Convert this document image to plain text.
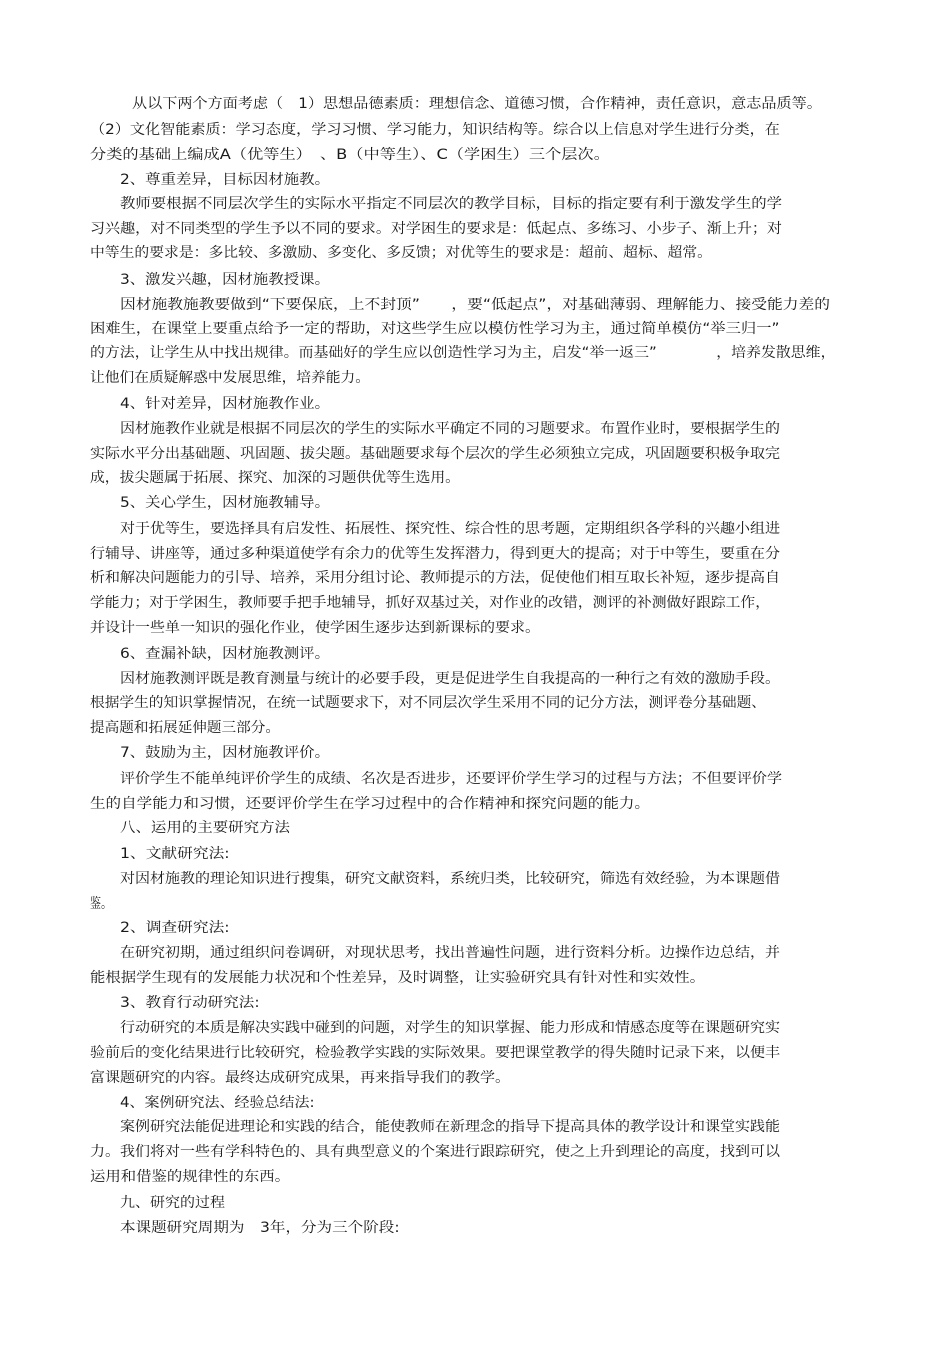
从以下两个方面考虑（　1）思想品德素质：理想信念、道德习惯，合作精神，责任意识，意志品质等。
（2）文化智能素质：学习态度，学习习惯、学习能力，知识结构等。综合以上信息对学生进行分类，在
分类的基础上编成A（优等生）　、B（中等生）、C（学困生）三个层次。
2、尊重差异，目标因材施教。
教师要根据不同层次学生的实际水平指定不同层次的教学目标，目标的指定要有利于激发学生的学
习兴趣，对不同类型的学生予以不同的要求。对学困生的要求是：低起点、多练习、小步子、渐上升；对
中等生的要求是：多比较、多激励、多变化、多反馈；对优等生的要求是：超前、超标、超常。
3、激发兴趣，因材施教授课。
因材施教施教要做到“下要保底，上不封顶”　　，要“低起点”，对基础薄弱、理解能力、接受能力差的
困难生，在课堂上要重点给予一定的帮助，对这些学生应以模仿性学习为主，通过简单模仿“举三归一”
的方法，让学生从中找出规律。而基础好的学生应以创造性学习为主，启发“举一返三”　　　　，培养发散思维，
让他们在质疑解惑中发展思维，培养能力。
4、针对差异，因材施教作业。
因材施教作业就是根据不同层次的学生的实际水平确定不同的习题要求。布置作业时，要根据学生的
实际水平分出基础题、巩固题、拔尖题。基础题要求每个层次的学生必须独立完成，巩固题要积极争取完
成，拔尖题属于拓展、探究、加深的习题供优等生选用。
5、关心学生，因材施教辅导。
对于优等生，要选择具有启发性、拓展性、探究性、综合性的思考题，定期组织各学科的兴趣小组进
行辅导、讲座等，通过多种渠道使学有余力的优等生发挥潜力，得到更大的提高；对于中等生，要重在分
析和解决问题能力的引导、培养，采用分组讨论、教师提示的方法，促使他们相互取长补短，逐步提高自
学能力；对于学困生，教师要手把手地辅导，抓好双基过关，对作业的改错，测评的补测做好跟踪工作，
并设计一些单一知识的强化作业，使学困生逐步达到新课标的要求。
6、查漏补缺，因材施教测评。
因材施教测评既是教育测量与统计的必要手段，更是促进学生自我提高的一种行之有效的激励手段。
根据学生的知识掌握情况，在统一试题要求下，对不同层次学生采用不同的记分方法，测评卷分基础题、
提高题和拓展延伸题三部分。
7、鼓励为主，因材施教评价。
评价学生不能单纯评价学生的成绩、名次是否进步，还要评价学生学习的过程与方法；不但要评价学
生的自学能力和习惯，还要评价学生在学习过程中的合作精神和探究问题的能力。
八、运用的主要研究方法
1、文献研究法:
对因材施教的理论知识进行搜集，研究文献资料，系统归类，比较研究，筛选有效经验，为本课题借
鉴。
2、调查研究法:
在研究初期，通过组织问卷调研，对现状思考，找出普遍性问题，进行资料分析。边操作边总结，并
能根据学生现有的发展能力状况和个性差异，及时调整，让实验研究具有针对性和实效性。
3、教育行动研究法:
行动研究的本质是解决实践中碰到的问题，对学生的知识掌握、能力形成和情感态度等在课题研究实
验前后的变化结果进行比较研究，检验教学实践的实际效果。要把课堂教学的得失随时记录下来，以便丰
富课题研究的内容。最终达成研究成果，再来指导我们的教学。
4、案例研究法、经验总结法:
案例研究法能促进理论和实践的结合，能使教师在新理念的指导下提高具体的教学设计和课堂实践能
力。我们将对一些有学科特色的、具有典型意义的个案进行跟踪研究，使之上升到理论的高度，找到可以
运用和借鉴的规律性的东西。
九、研究的过程
本课题研究周期为　3年，分为三个阶段:
